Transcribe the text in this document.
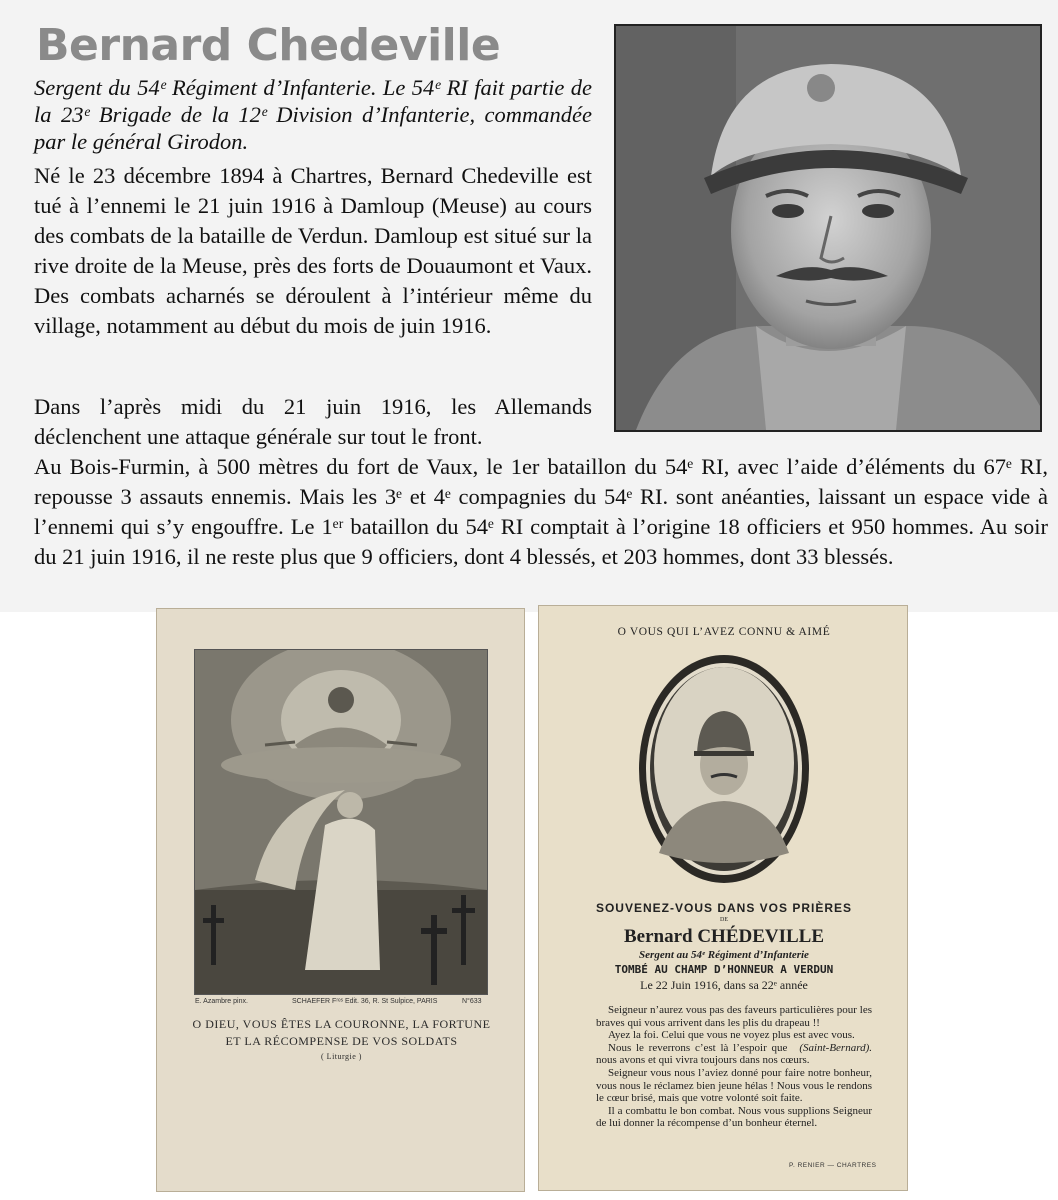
Bernard Chedeville

Sergent du 54ᵉ Régiment d’Infanterie. Le 54ᵉ RI fait partie de la 23ᵉ Brigade de la 12ᵉ Division d’Infanterie, commandée par le général Girodon.

Né le 23 décembre 1894 à Chartres, Bernard Chedeville est tué à l’ennemi le 21 juin 1916 à Damloup (Meuse) au cours des combats de la bataille de Verdun. Damloup est situé sur la rive droite de la Meuse, près des forts de Douaumont et Vaux. Des combats acharnés se déroulent à l’intérieur même du village, notamment au début du mois de juin 1916.

Dans l’après midi du 21 juin 1916, les Allemands déclenchent une attaque générale sur tout le front.
Au Bois-Furmin, à 500 mètres du fort de Vaux, le 1er bataillon du 54ᵉ RI, avec l’aide d’éléments du 67ᵉ RI, repousse 3 assauts ennemis. Mais les 3ᵉ et 4ᵉ compagnies du 54ᵉ RI. sont anéanties, laissant un espace vide à l’ennemi qui s’y engouffre. Le 1ᵉʳ bataillon du 54ᵉ RI comptait à l’origine 18 officiers et 950 hommes. Au soir du 21 juin 1916, il ne reste plus que 9 officiers, dont 4 blessés, et 203 hommes, dont 33 blessés.

E. Azambre pinx.	SCHAEFER Fʳᵉˢ Edit. 36, R. St Sulpice, PARIS	N°633
O DIEU, VOUS ÊTES LA COURONNE, LA FORTUNE
ET LA RÉCOMPENSE DE VOS SOLDATS
( Liturgie )
O VOUS QUI L’AVEZ CONNU & AIMÉ
SOUVENEZ-VOUS DANS VOS PRIÈRES
DE
Bernard CHÉDEVILLE
Sergent au 54ᵉ Régiment d’Infanterie
TOMBÉ AU CHAMP D’HONNEUR A VERDUN
Le 22 Juin 1916, dans sa 22ᵉ année

Seigneur n’aurez vous pas des faveurs particulières pour les braves qui vous arrivent dans les plis du drapeau !!

Ayez la foi. Celui que vous ne voyez plus est avec vous.
(Saint-Bernard).

Nous le reverrons c’est là l’espoir que nous avons et qui vivra toujours dans nos cœurs.

Seigneur vous nous l’aviez donné pour faire notre bonheur, vous nous le réclamez bien jeune hélas ! Nous vous le rendons le cœur brisé, mais que votre volonté soit faite.

Il a combattu le bon combat. Nous vous supplions Seigneur de lui donner la récompense d’un bonheur éternel.

P. RENIER — CHARTRES
